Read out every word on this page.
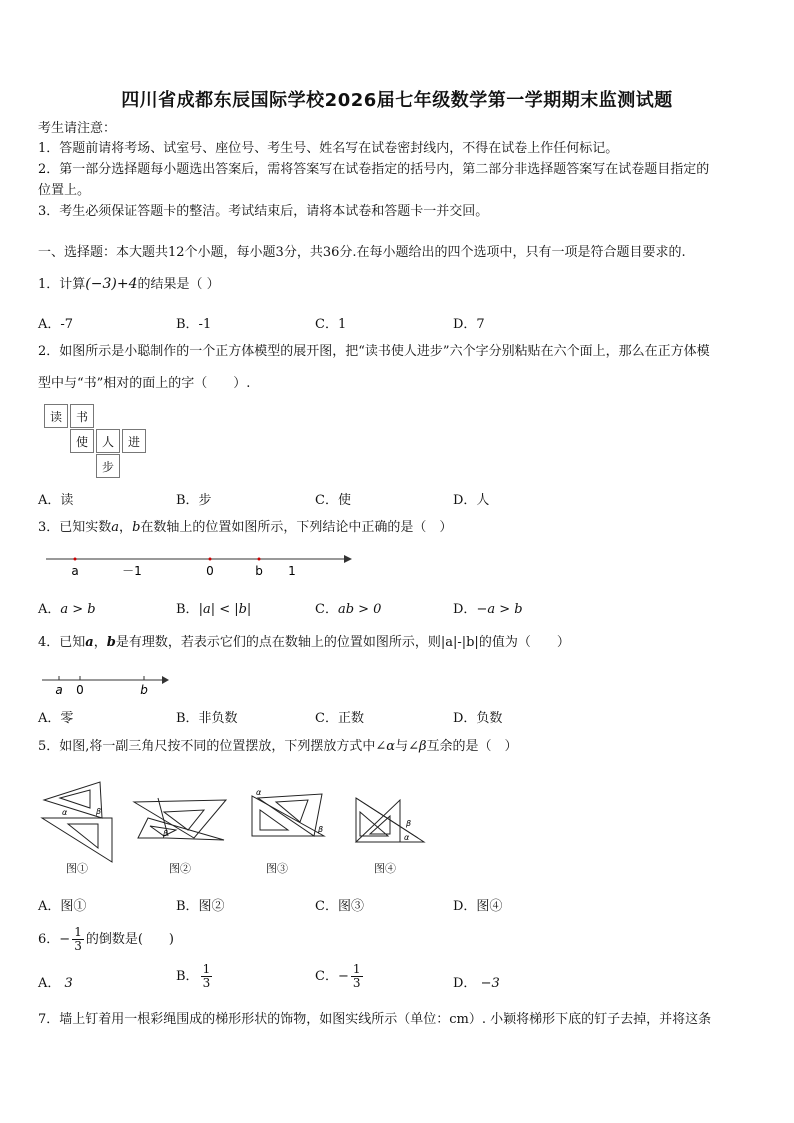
四川省成都东辰国际学校2026届七年级数学第一学期期末监测试题
考生请注意：
1．答题前请将考场、试室号、座位号、考生号、姓名写在试卷密封线内，不得在试卷上作任何标记。
2．第一部分选择题每小题选出答案后，需将答案写在试卷指定的括号内，第二部分非选择题答案写在试卷题目指定的
位置上。
3．考生必须保证答题卡的整洁。考试结束后，请将本试卷和答题卡一并交回。
一、选择题：本大题共12个小题，每小题3分，共36分.在每小题给出的四个选项中，只有一项是符合题目要求的.
1．计算(−3)+4的结果是（ ）
A．-7	B．-1	C．1	D．7
2．如图所示是小聪制作的一个正方体模型的展开图，把“读书使人进步”六个字分别粘贴在六个面上，那么在正方体模
型中与“书”相对的面上的字（　　）.
读	书
使	人	进
步
A．读	B．步	C．使	D．人
3．已知实数a，b在数轴上的位置如图所示，下列结论中正确的是（　）
a	－1	0	b 1
A．a > b	B．|a| < |b|	C．ab > 0	D．−a > b
4．已知a，b是有理数，若表示它们的点在数轴上的位置如图所示，则|a|-|b|的值为（　　）
a 0	b
A．零	B．非负数	C．正数	D．负数
5．如图,将一副三角尺按不同的位置摆放，下列摆放方式中∠α与∠β互余的是（　）
α	β
β
α
β
β
α
图①	图②	图③	图④
A．图①	B．图②	C．图③	D．图④
6．− $\frac{1}{3}$ 的倒数是(　　)
A． 3	B． $\frac{1}{3}$	C．− $\frac{1}{3}$	D． −3
7．墙上钉着用一根彩绳围成的梯形形状的饰物，如图实线所示（单位：cm）. 小颖将梯形下底的钉子去掉，并将这条
